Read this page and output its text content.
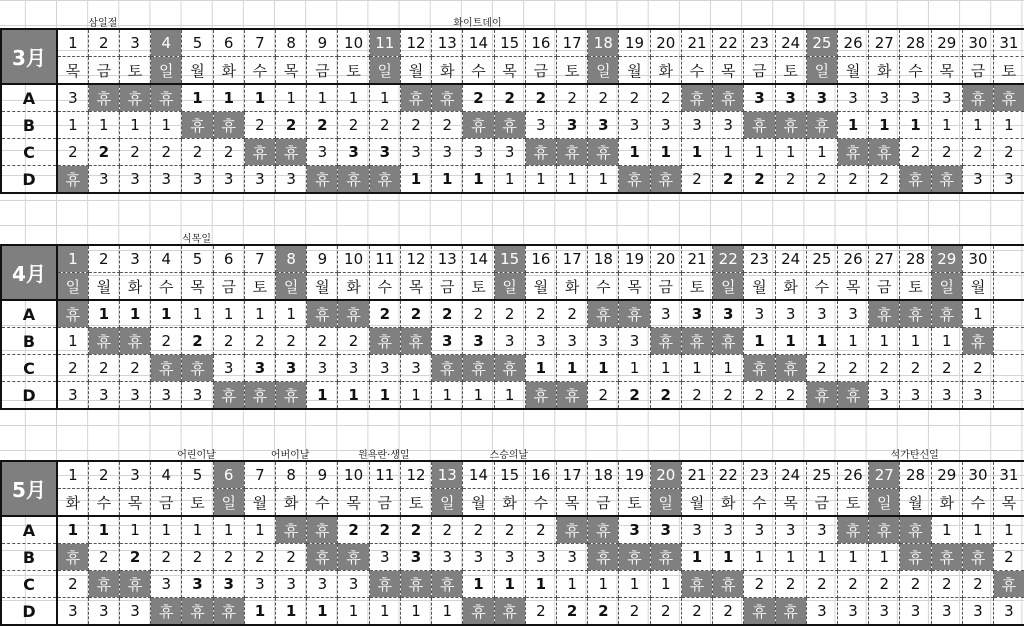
삼일절	화이트데이
3月	1	2	3	4	5	6	7	8	9	10	11	12	13	14	15	16	17	18	19	20	21	22	23	24	25	26	27	28	29	30	31
	목	금	토	일	월	화	수	목	금	토	일	월	화	수	목	금	토	일	월	화	수	목	금	토	일	월	화	수	목	금	토
A	3	휴	휴	휴	1	1	1	1	1	1	1	휴	휴	2	2	2	2	2	2	2	휴	휴	3	3	3	3	3	3	3	휴	휴
B	1	1	1	1	휴	휴	2	2	2	2	2	2	2	휴	휴	3	3	3	3	3	3	3	휴	휴	휴	1	1	1	1	1	1
C	2	2	2	2	2	2	휴	휴	3	3	3	3	3	3	3	휴	휴	휴	1	1	1	1	1	1	1	휴	휴	2	2	2	2
D	휴	3	3	3	3	3	3	3	휴	휴	휴	1	1	1	1	1	1	1	휴	휴	2	2	2	2	2	2	2	휴	휴	3	3
식목일
4月	1	2	3	4	5	6	7	8	9	10	11	12	13	14	15	16	17	18	19	20	21	22	23	24	25	26	27	28	29	30	
	일	월	화	수	목	금	토	일	월	화	수	목	금	토	일	월	화	수	목	금	토	일	월	화	수	목	금	토	일	월	
A	휴	1	1	1	1	1	1	1	휴	휴	2	2	2	2	2	2	2	휴	휴	3	3	3	3	3	3	3	휴	휴	휴	1	
B	1	휴	휴	2	2	2	2	2	2	2	휴	휴	3	3	3	3	3	3	3	휴	휴	휴	1	1	1	1	1	1	1	휴	
C	2	2	2	휴	휴	3	3	3	3	3	3	3	휴	휴	휴	1	1	1	1	1	1	1	휴	휴	2	2	2	2	2	2	
D	3	3	3	3	3	휴	휴	휴	1	1	1	1	1	1	1	휴	휴	2	2	2	2	2	2	2	휴	휴	3	3	3	3	
어린이날	어버이날	원욕란·생일	스승의날	석가탄신일
5月	1	2	3	4	5	6	7	8	9	10	11	12	13	14	15	16	17	18	19	20	21	22	23	24	25	26	27	28	29	30	31
	화	수	목	금	토	일	월	화	수	목	금	토	일	월	화	수	목	금	토	일	월	화	수	목	금	토	일	월	화	수	목
A	1	1	1	1	1	1	1	휴	휴	2	2	2	2	2	2	2	휴	휴	3	3	3	3	3	3	3	휴	휴	휴	1	1	1
B	휴	2	2	2	2	2	2	2	휴	휴	3	3	3	3	3	3	3	휴	휴	휴	1	1	1	1	1	1	1	휴	휴	휴	2
C	2	휴	휴	3	3	3	3	3	3	3	휴	휴	휴	1	1	1	1	1	1	1	휴	휴	2	2	2	2	2	2	2	2	휴
D	3	3	3	휴	휴	휴	1	1	1	1	1	1	1	휴	휴	2	2	2	2	2	2	2	휴	휴	3	3	3	3	3	3	3
